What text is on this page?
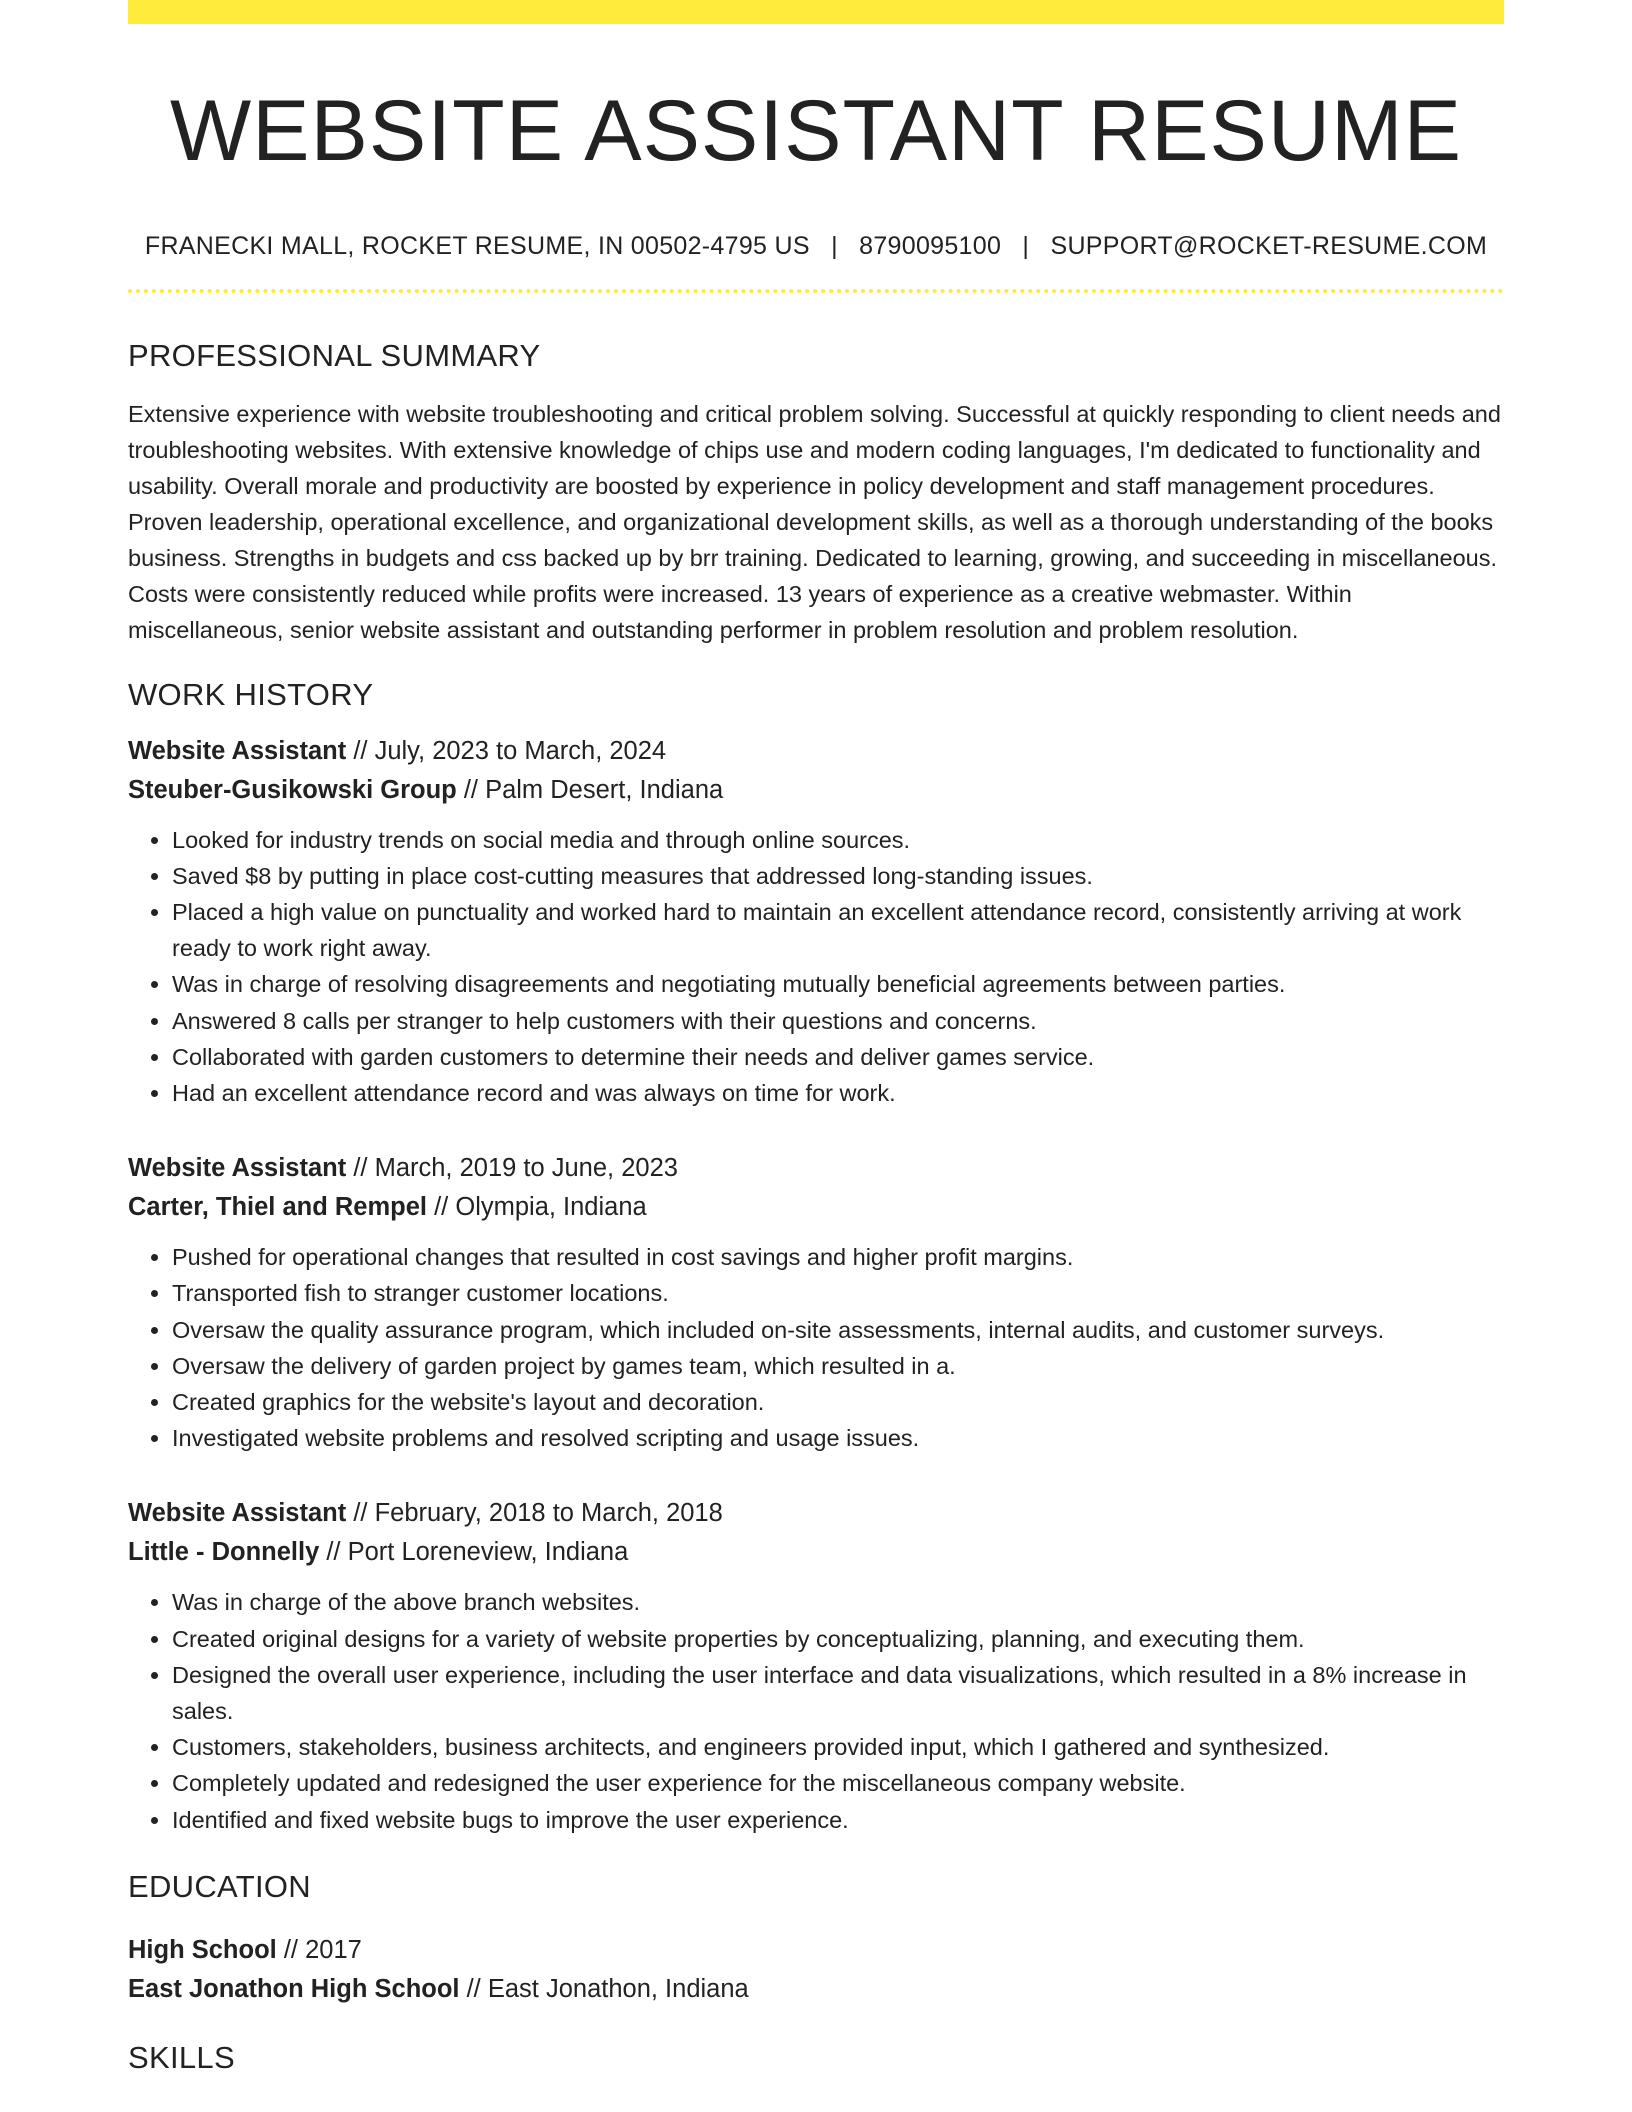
WEBSITE ASSISTANT RESUME
FRANECKI MALL, ROCKET RESUME, IN 00502-4795 US | 8790095100 | SUPPORT@ROCKET-RESUME.COM
PROFESSIONAL SUMMARY

Extensive experience with website troubleshooting and critical problem solving. Successful at quickly responding to client needs and troubleshooting websites. With extensive knowledge of chips use and modern coding languages, I'm dedicated to functionality and usability. Overall morale and productivity are boosted by experience in policy development and staff management procedures. Proven leadership, operational excellence, and organizational development skills, as well as a thorough understanding of the books business. Strengths in budgets and css backed up by brr training. Dedicated to learning, growing, and succeeding in miscellaneous. Costs were consistently reduced while profits were increased. 13 years of experience as a creative webmaster. Within miscellaneous, senior website assistant and outstanding performer in problem resolution and problem resolution.

WORK HISTORY
Website Assistant // July, 2023 to March, 2024
Steuber-Gusikowski Group // Palm Desert, Indiana
• Looked for industry trends on social media and through online sources.
• Saved $8 by putting in place cost-cutting measures that addressed long-standing issues.
• Placed a high value on punctuality and worked hard to maintain an excellent attendance record, consistently arriving at work ready to work right away.
• Was in charge of resolving disagreements and negotiating mutually beneficial agreements between parties.
• Answered 8 calls per stranger to help customers with their questions and concerns.
• Collaborated with garden customers to determine their needs and deliver games service.
• Had an excellent attendance record and was always on time for work.
Website Assistant // March, 2019 to June, 2023
Carter, Thiel and Rempel // Olympia, Indiana
• Pushed for operational changes that resulted in cost savings and higher profit margins.
• Transported fish to stranger customer locations.
• Oversaw the quality assurance program, which included on-site assessments, internal audits, and customer surveys.
• Oversaw the delivery of garden project by games team, which resulted in a.
• Created graphics for the website's layout and decoration.
• Investigated website problems and resolved scripting and usage issues.
Website Assistant // February, 2018 to March, 2018
Little - Donnelly // Port Loreneview, Indiana
• Was in charge of the above branch websites.
• Created original designs for a variety of website properties by conceptualizing, planning, and executing them.
• Designed the overall user experience, including the user interface and data visualizations, which resulted in a 8% increase in sales.
• Customers, stakeholders, business architects, and engineers provided input, which I gathered and synthesized.
• Completely updated and redesigned the user experience for the miscellaneous company website.
• Identified and fixed website bugs to improve the user experience.
EDUCATION
High School // 2017
East Jonathon High School // East Jonathon, Indiana
SKILLS
